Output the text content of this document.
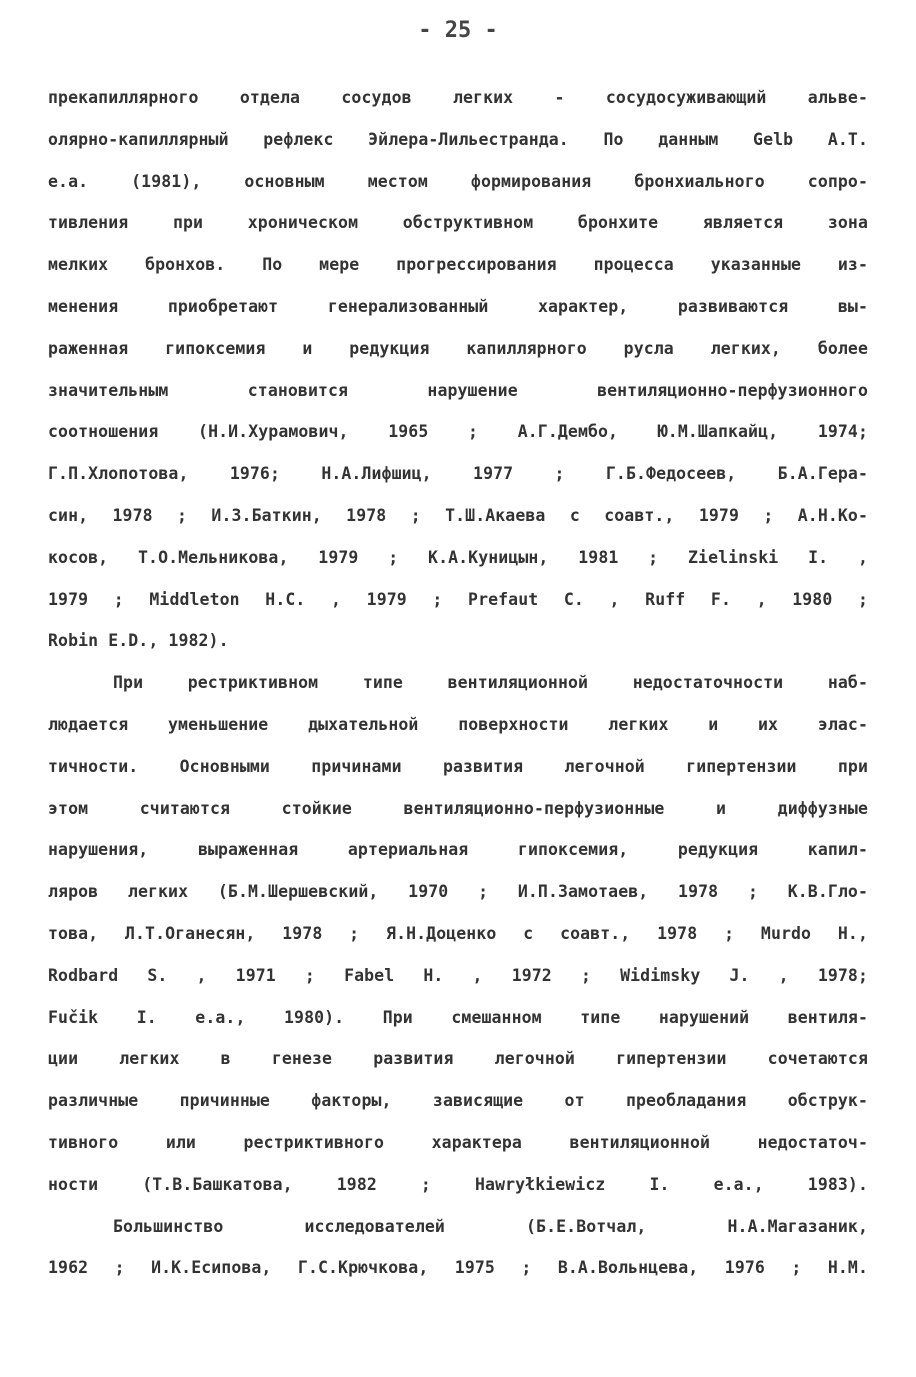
- 25 -
прекапиллярного отдела сосудов легких - сосудосуживающий альве-
олярно-капиллярный рефлекс Эйлера-Лильестранда. По данным Gelb A.T.
е.а. (1981), основным местом формирования бронхиального сопро-
тивления при хроническом обструктивном бронхите является зона
мелких бронхов. По мере прогрессирования процесса указанные из-
менения приобретают генерализованный характер, развиваются вы-
раженная гипоксемия и редукция капиллярного русла легких, более
значительным становится нарушение вентиляционно-перфузионного
соотношения (Н.И.Хурамович, 1965 ; А.Г.Дембо, Ю.М.Шапкайц, 1974;
Г.П.Хлопотова, 1976; Н.А.Лифшиц, 1977 ; Г.Б.Федосеев, Б.А.Гера-
син, 1978 ; И.З.Баткин, 1978 ; Т.Ш.Акаева с соавт., 1979 ; А.Н.Ко-
косов, Т.О.Мельникова, 1979 ; К.А.Куницын, 1981 ; Zielinski I. ,
1979 ; Middleton H.C. , 1979 ; Prefaut C. , Ruff F. , 1980 ;
Robin E.D., 1982).
При рестриктивном типе вентиляционной недостаточности наб-
людается уменьшение дыхательной поверхности легких и их элас-
тичности. Основными причинами развития легочной гипертензии при
этом считаются стойкие вентиляционно-перфузионные и диффузные
нарушения, выраженная артериальная гипоксемия, редукция капил-
ляров легких (Б.М.Шершевский, 1970 ; И.П.Замотаев, 1978 ; К.В.Гло-
това, Л.Т.Оганесян, 1978 ; Я.Н.Доценко с соавт., 1978 ; Murdo H.,
Rodbard S. , 1971 ; Fabel H. , 1972 ; Widimsky J. , 1978;
Fučik I. е.а., 1980). При смешанном типе нарушений вентиля-
ции легких в генезе развития легочной гипертензии сочетаются
различные причинные факторы, зависящие от преобладания обструк-
тивного или рестриктивного характера вентиляционной недостаточ-
ности (Т.В.Башкатова, 1982 ; Hawryłkiewicz I. е.а., 1983).
Большинство исследователей (Б.Е.Вотчал, Н.А.Магазаник,
1962 ; И.К.Есипова, Г.С.Крючкова, 1975 ; В.А.Вольнцева, 1976 ; Н.М.
